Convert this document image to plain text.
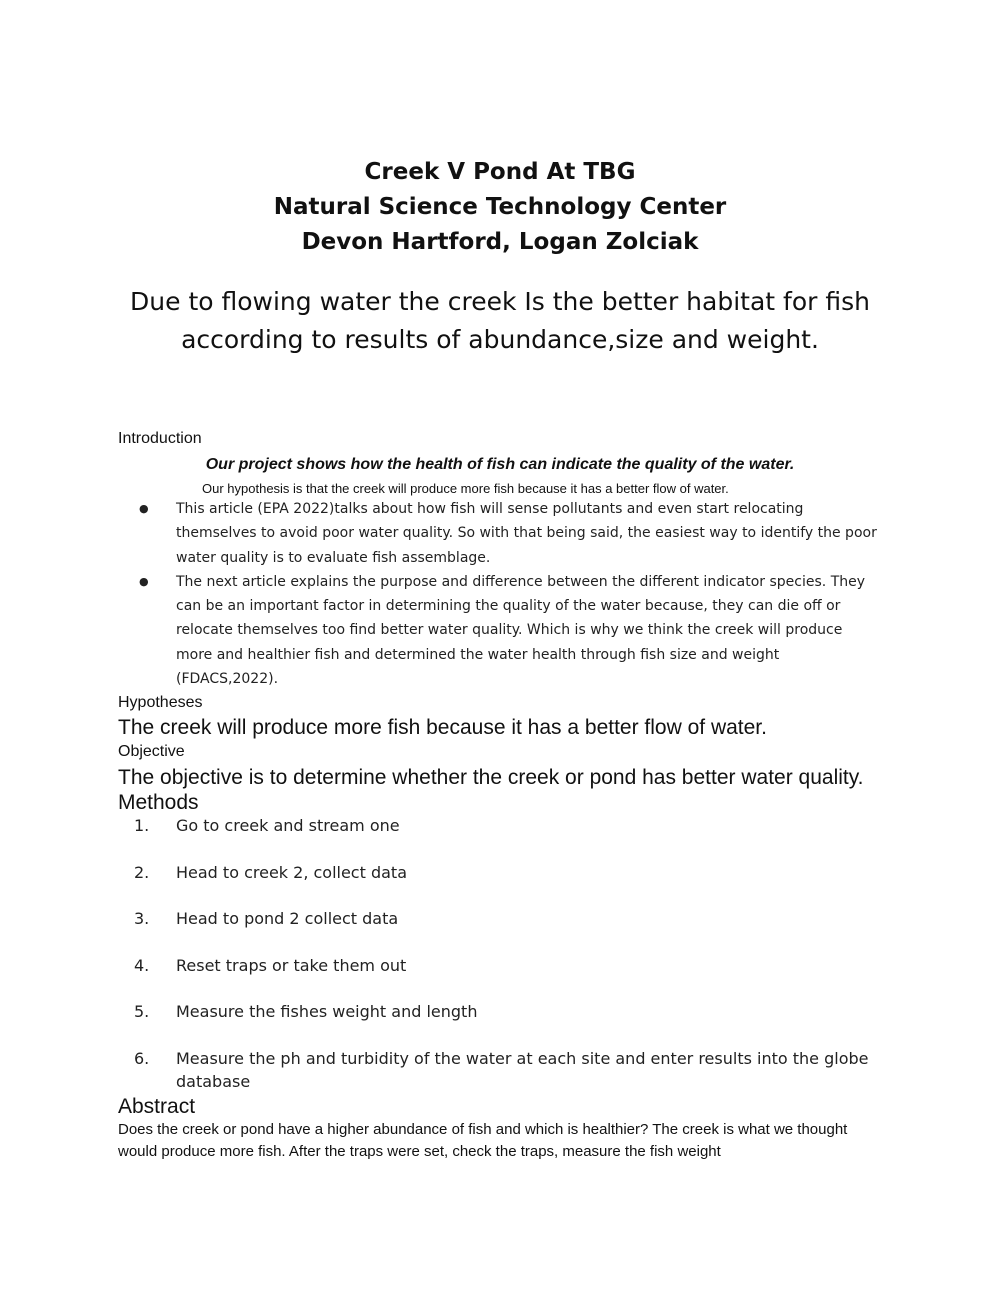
Creek V Pond At TBG
Natural Science Technology Center
Devon Hartford, Logan Zolciak
Due to flowing water the creek Is the better habitat for fish according to results of abundance,size and weight.
Introduction
Our project shows how the health of fish can indicate the quality of the water.
Our hypothesis is that the creek will produce more fish because it has a better flow of water.
● This article (EPA 2022)talks about how fish will sense pollutants and even start relocating themselves to avoid poor water quality. So with that being said, the easiest way to identify the poor water quality is to evaluate fish assemblage.
● The next article explains the purpose and difference between the different indicator species. They can be an important factor in determining the quality of the water because, they can die off or relocate themselves too find better water quality. Which is why we think the creek will produce more and healthier fish and determined the water health through fish size and weight (FDACS,2022).
Hypotheses
The creek will produce more fish because it has a better flow of water.
Objective
The objective is to determine whether the creek or pond has better water quality.
Methods
1. Go to creek and stream one
2. Head to creek 2, collect data
3. Head to pond 2 collect data
4. Reset traps or take them out
5. Measure the fishes weight and length
6. Measure the ph and turbidity of the water at each site and enter results into the globe database
Abstract
Does the creek or pond have a higher abundance of fish and which is healthier? The creek is what we thought would produce more fish. After the traps were set, check the traps, measure the fish weight
